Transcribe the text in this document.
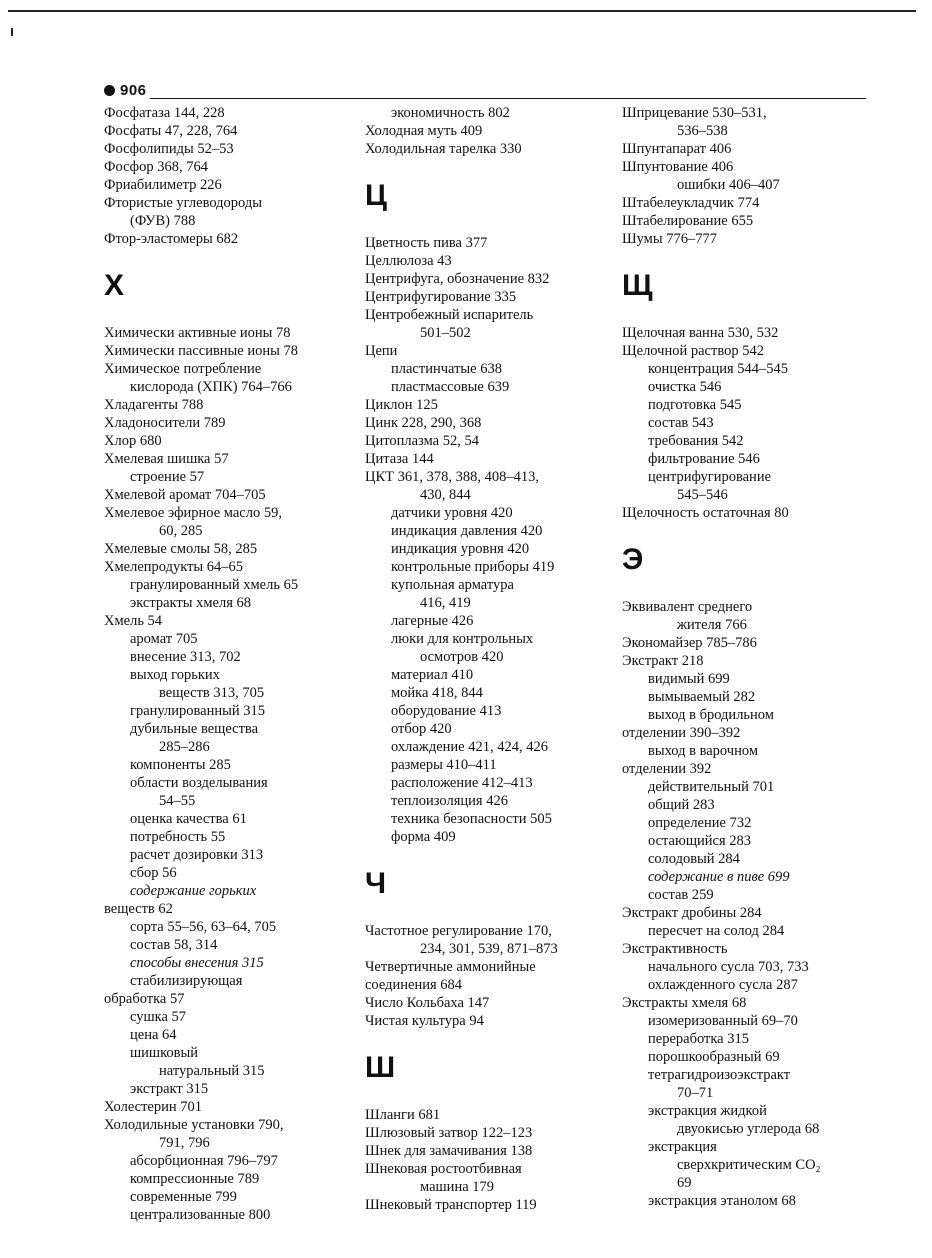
906
Фосфатаза 144, 228
Фосфаты 47, 228, 764
Фосфолипиды 52–53
Фосфор 368, 764
Фриабилиметр 226
Фтористые углеводороды
(ФУВ) 788
Фтор-эластомеры 682
Х
Химически активные ионы 78
Химически пассивные ионы 78
Химическое потребление
кислорода (ХПК) 764–766
Хладагенты 788
Хладоносители 789
Хлор 680
Хмелевая шишка 57
строение 57
Хмелевой аромат 704–705
Хмелевое эфирное масло 59,
60, 285
Хмелевые смолы 58, 285
Хмелепродукты 64–65
гранулированный хмель 65
экстракты хмеля 68
Хмель 54
аромат 705
внесение 313, 702
выход горьких
веществ 313, 705
гранулированный 315
дубильные вещества
285–286
компоненты 285
области возделывания
54–55
оценка качества 61
потребность 55
расчет дозировки 313
сбор 56
содержание горьких
веществ 62
сорта 55–56, 63–64, 705
состав 58, 314
способы внесения 315
стабилизирующая
обработка 57
сушка 57
цена 64
шишковый
натуральный 315
экстракт 315
Холестерин 701
Холодильные установки 790,
791, 796
абсорбционная 796–797
компрессионные 789
современные 799
централизованные 800
экономичность 802
Холодная муть 409
Холодильная тарелка 330
Ц
Цветность пива 377
Целлюлоза 43
Центрифуга, обозначение 832
Центрифугирование 335
Центробежный испаритель
501–502
Цепи
пластинчатые 638
пластмассовые 639
Циклон 125
Цинк 228, 290, 368
Цитоплазма 52, 54
Цитаза 144
ЦКТ 361, 378, 388, 408–413,
430, 844
датчики уровня 420
индикация давления 420
индикация уровня 420
контрольные приборы 419
купольная арматура
416, 419
лагерные 426
люки для контрольных
осмотров 420
материал 410
мойка 418, 844
оборудование 413
отбор 420
охлаждение 421, 424, 426
размеры 410–411
расположение 412–413
теплоизоляция 426
техника безопасности 505
форма 409
Ч
Частотное регулирование 170,
234, 301, 539, 871–873
Четвертичные аммонийные
соединения 684
Число Кольбаха 147
Чистая культура 94
Ш
Шланги 681
Шлюзовый затвор 122–123
Шнек для замачивания 138
Шнековая ростоотбивная
машина 179
Шнековый транспортер 119
Шприцевание 530–531,
536–538
Шпунтапарат 406
Шпунтование 406
ошибки 406–407
Штабелеукладчик 774
Штабелирование 655
Шумы 776–777
Щ
Щелочная ванна 530, 532
Щелочной раствор 542
концентрация 544–545
очистка 546
подготовка 545
состав 543
требования 542
фильтрование 546
центрифугирование
545–546
Щелочность остаточная 80
Э
Эквивалент среднего
жителя 766
Экономайзер 785–786
Экстракт 218
видимый 699
вымываемый 282
выход в бродильном
отделении 390–392
выход в варочном
отделении 392
действительный 701
общий 283
определение 732
остающийся 283
солодовый 284
содержание в пиве 699
состав 259
Экстракт дробины 284
пересчет на солод 284
Экстрактивность
начального сусла 703, 733
охлажденного сусла 287
Экстракты хмеля 68
изомеризованный 69–70
переработка 315
порошкообразный 69
тетрагидроизоэкстракт
70–71
экстракция жидкой
двуокисью углерода 68
экстракция
сверхкритическим CO₂
69
экстракция этанолом 68
